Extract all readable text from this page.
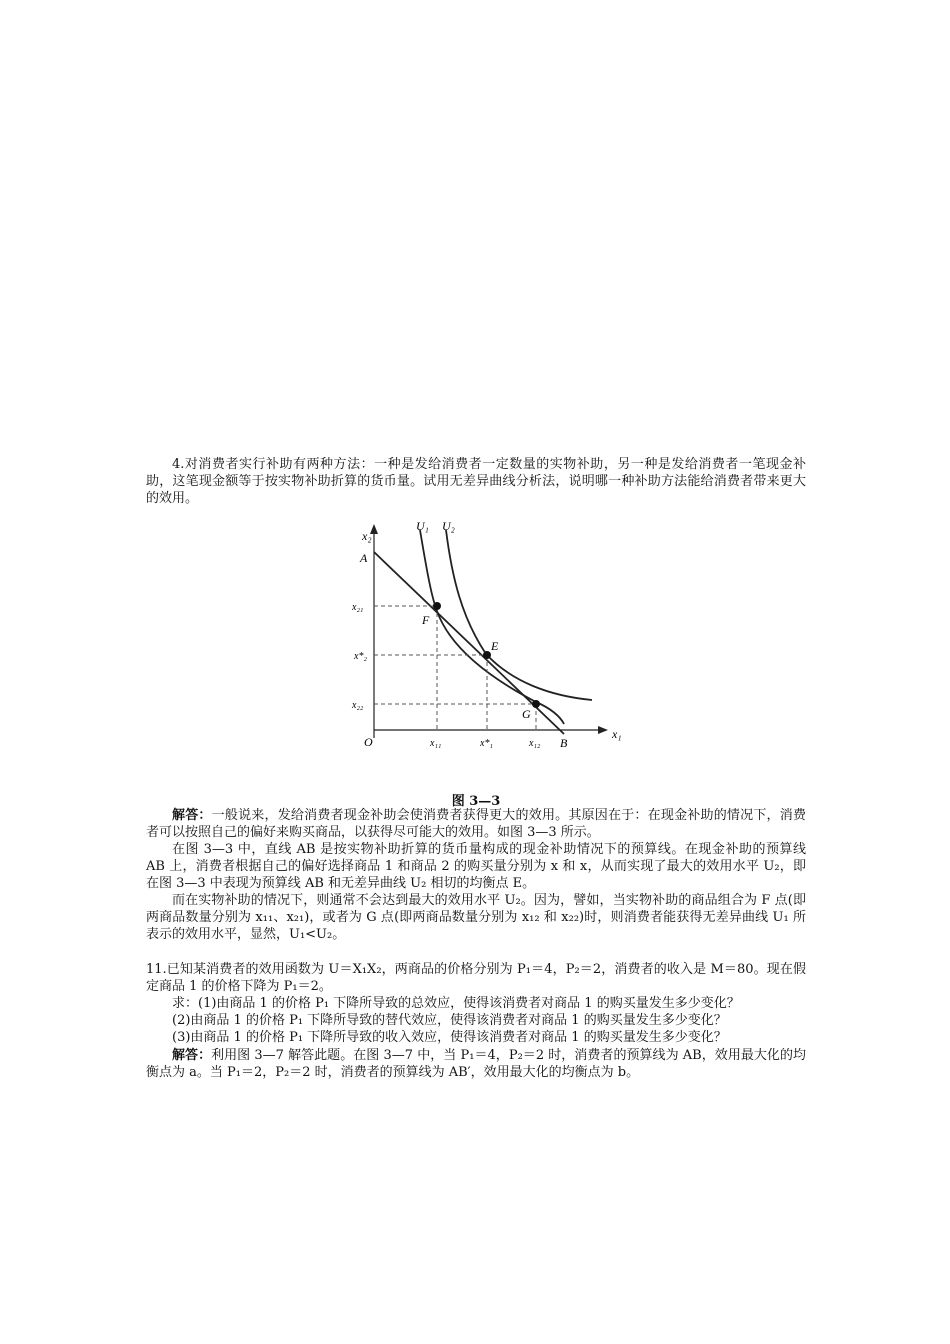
4.对消费者实行补助有两种方法：一种是发给消费者一定数量的实物补助，另一种是发给消费者一笔现金补助，这笔现金额等于按实物补助折算的货币量。试用无差异曲线分析法，说明哪一种补助方法能给消费者带来更大的效用。

x₂
x₁
O
A
B
U₁ U₂
F
E
G
x₂₁
x*₂
x₂₂
x₁₁	x*₁	x₁₂
图 3—3

解答：一般说来，发给消费者现金补助会使消费者获得更大的效用。其原因在于：在现金补助的情况下，消费者可以按照自己的偏好来购买商品，以获得尽可能大的效用。如图 3—3 所示。

在图 3—3 中，直线 AB 是按实物补助折算的货币量构成的现金补助情况下的预算线。在现金补助的预算线 AB 上，消费者根据自己的偏好选择商品 1 和商品 2 的购买量分别为 x 和 x，从而实现了最大的效用水平 U₂，即在图 3—3 中表现为预算线 AB 和无差异曲线 U₂ 相切的均衡点 E。

而在实物补助的情况下，则通常不会达到最大的效用水平 U₂。因为，譬如，当实物补助的商品组合为 F 点(即两商品数量分别为 x₁₁、x₂₁)，或者为 G 点(即两商品数量分别为 x₁₂ 和 x₂₂)时，则消费者能获得无差异曲线 U₁ 所表示的效用水平，显然，U₁<U₂。

11.已知某消费者的效用函数为 U＝X₁X₂，两商品的价格分别为 P₁＝4，P₂＝2，消费者的收入是 M＝80。现在假定商品 1 的价格下降为 P₁＝2。

求：(1)由商品 1 的价格 P₁ 下降所导致的总效应，使得该消费者对商品 1 的购买量发生多少变化？

(2)由商品 1 的价格 P₁ 下降所导致的替代效应，使得该消费者对商品 1 的购买量发生多少变化？

(3)由商品 1 的价格 P₁ 下降所导致的收入效应，使得该消费者对商品 1 的购买量发生多少变化？

解答：利用图 3—7 解答此题。在图 3—7 中，当 P₁＝4，P₂＝2 时，消费者的预算线为 AB，效用最大化的均衡点为 a。当 P₁＝2，P₂＝2 时，消费者的预算线为 AB′，效用最大化的均衡点为 b。
